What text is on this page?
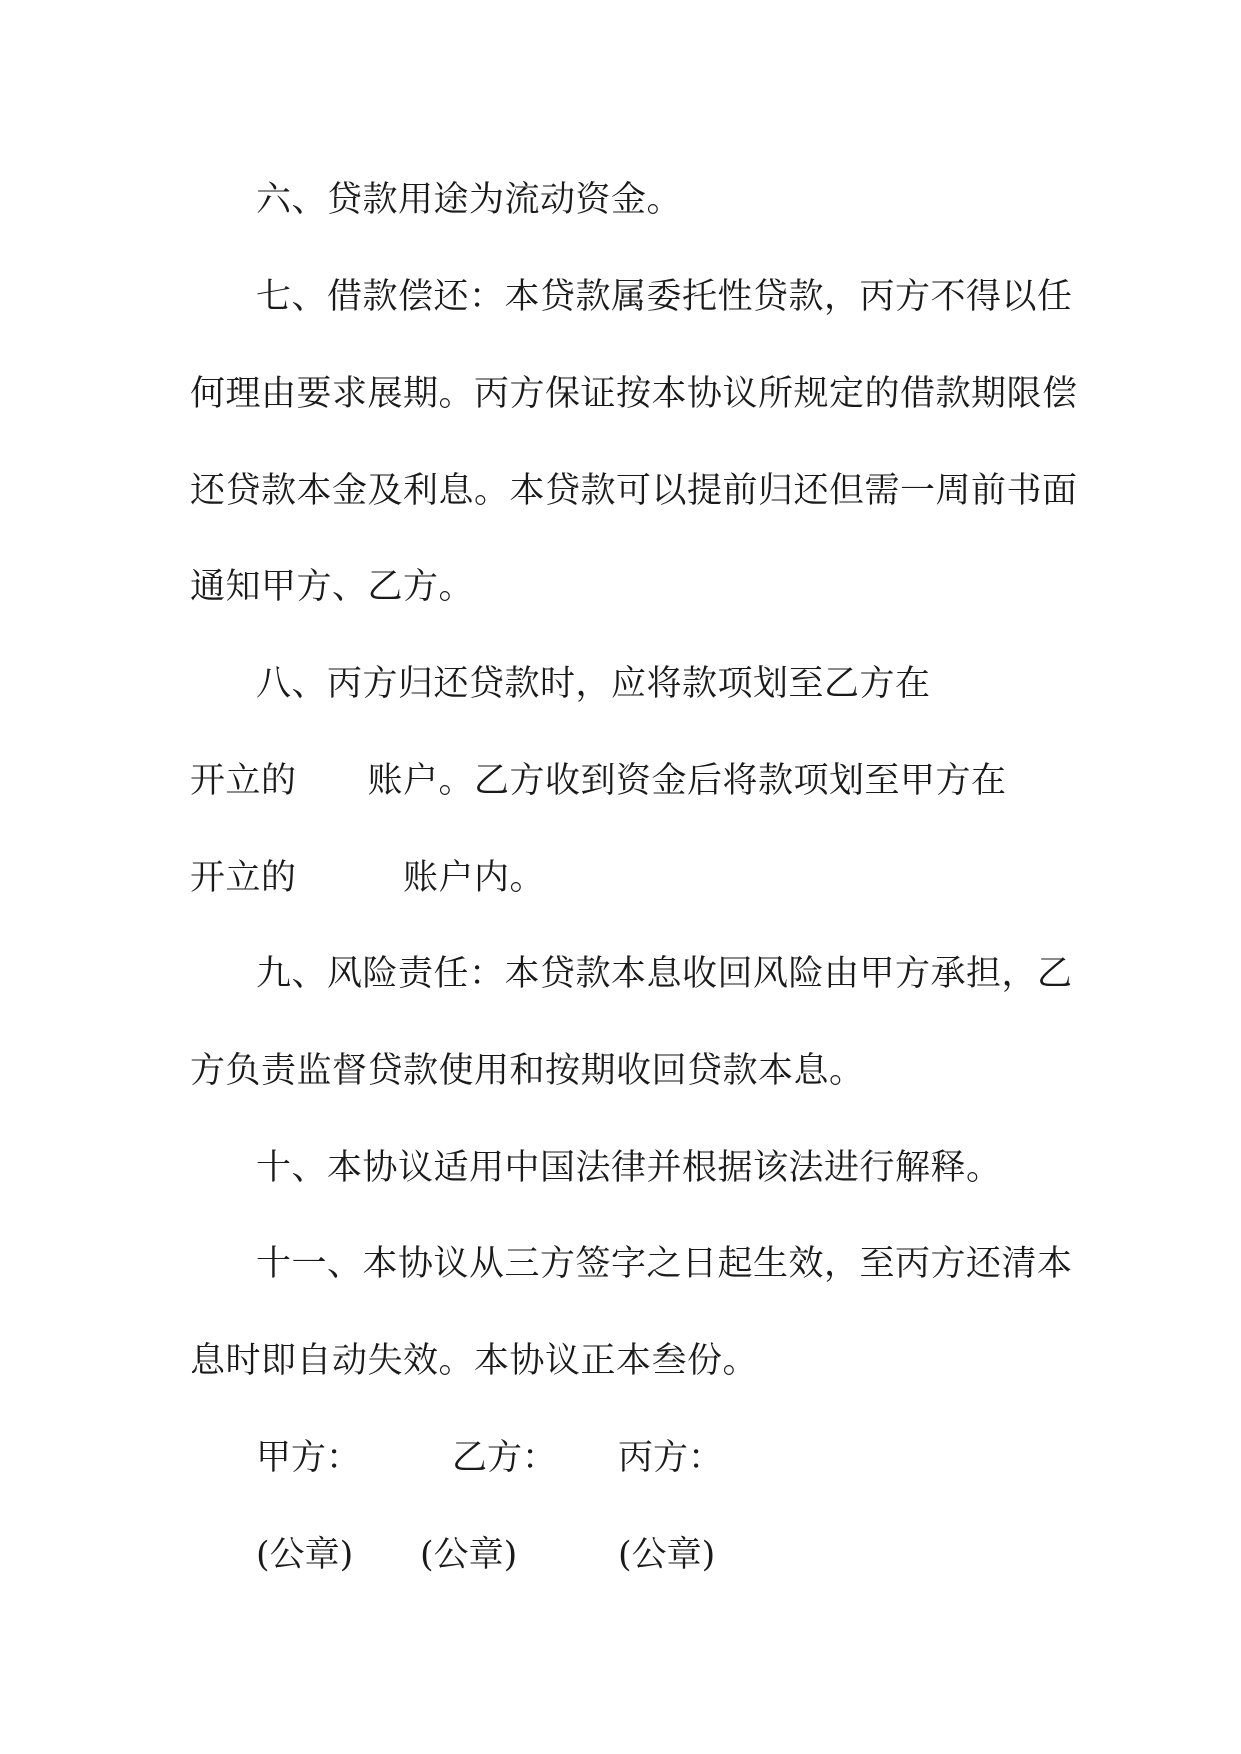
六、贷款用途为流动资金。
七、借款偿还：本贷款属委托性贷款，丙方不得以任
何理由要求展期。丙方保证按本协议所规定的借款期限偿
还贷款本金及利息。本贷款可以提前归还但需一周前书面
通知甲方、乙方。
八、丙方归还贷款时，应将款项划至乙方在
开立的　　账户。乙方收到资金后将款项划至甲方在
开立的　　　账户内。
九、风险责任：本贷款本息收回风险由甲方承担，乙
方负责监督贷款使用和按期收回贷款本息。
十、本协议适用中国法律并根据该法进行解释。
十一、本协议从三方签字之日起生效，至丙方还清本
息时即自动失效。本协议正本叁份。
甲方：	乙方： 丙方：
(公章) (公章)	(公章)
